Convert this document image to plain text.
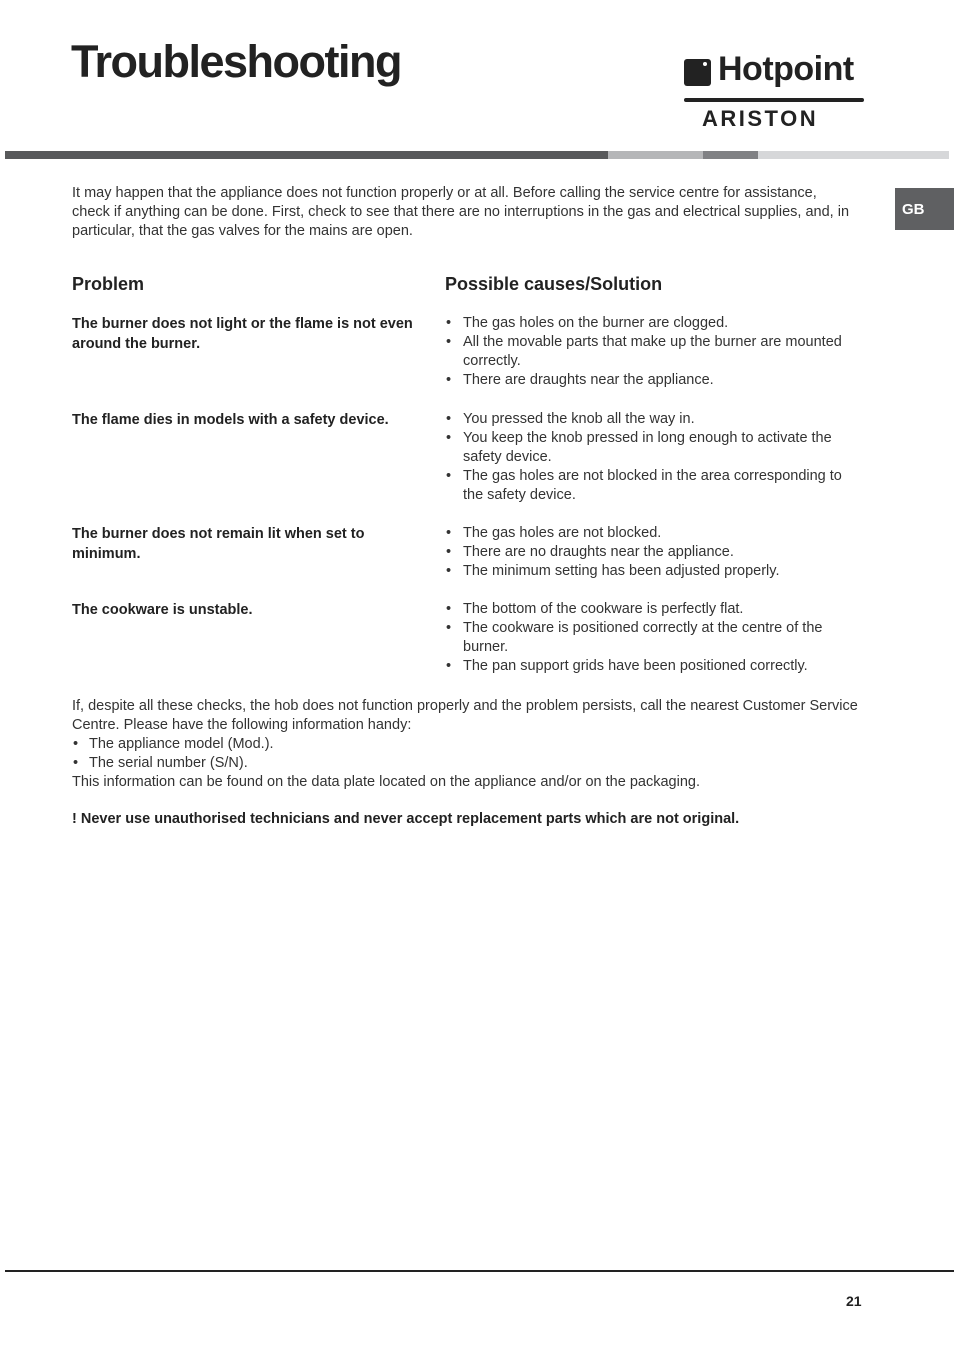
Troubleshooting	Hotpoint
ARISTON
GB
It may happen that the appliance does not function properly or at all. Before calling the service centre for assistance, check if anything can be done. First, check to see that there are no interruptions in the gas and electrical supplies, and, in particular, that the gas valves for the mains are open.
Problem	Possible causes/Solution
The burner does not light or the flame is not even around the burner.
• The gas holes on the burner are clogged.
• All the movable parts that make up the burner are mounted correctly.
• There are draughts near the appliance.
The flame dies in models with a safety device.	• You pressed the knob all the way in.
• You keep the knob pressed in long enough to activate the safety device.
• The gas holes are not blocked in the area corresponding to the safety device.
The burner does not remain lit when set to minimum.
• The gas holes are not blocked.
• There are no draughts near the appliance.
• The minimum setting has been adjusted properly.
The cookware is unstable.	• The bottom of the cookware is perfectly flat.
• The cookware is positioned correctly at the centre of the burner.
• The pan support grids have been positioned correctly.
If, despite all these checks, the hob does not function properly and the problem persists, call the nearest Customer Service Centre. Please have the following information handy:
• The appliance model (Mod.).
• The serial number (S/N).
This information can be found on the data plate located on the appliance and/or on the packaging.
! Never use unauthorised technicians and never accept replacement parts which are not original.
21
